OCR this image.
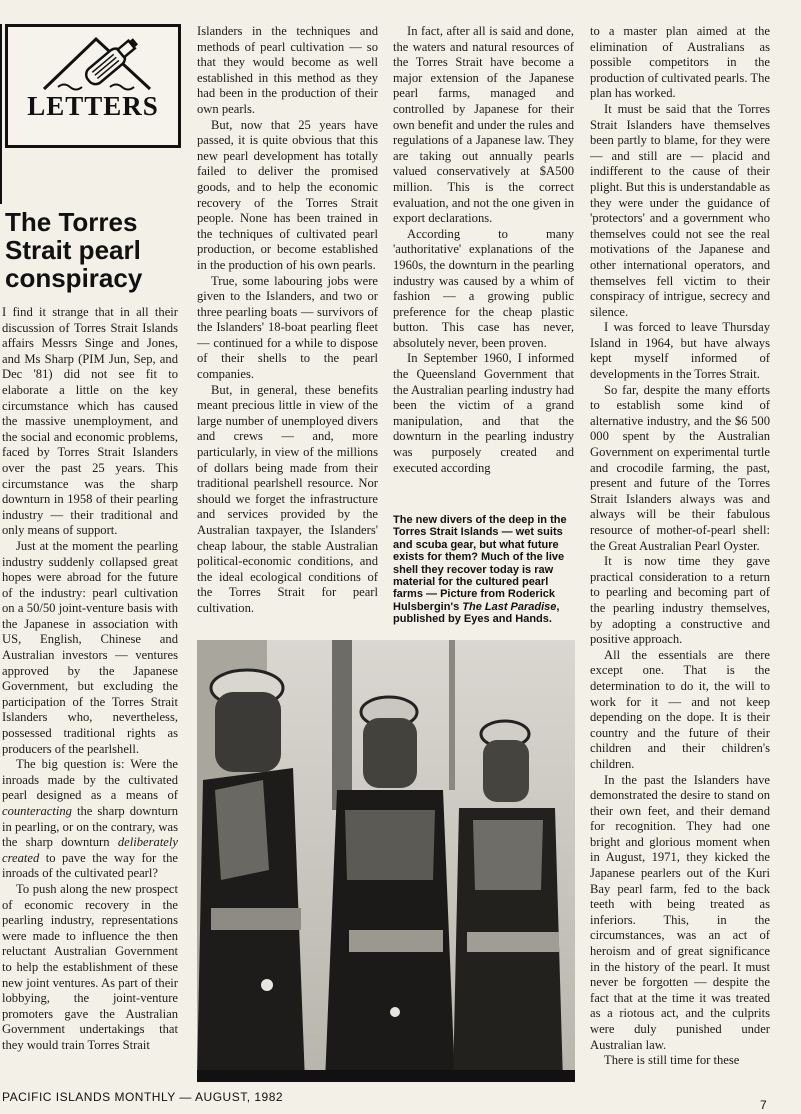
LETTERS
The Torres
Strait pearl
conspiracy

I find it strange that in all their discussion of Torres Strait Islands affairs Messrs Singe and Jones, and Ms Sharp (PIM Jun, Sep, and Dec '81) did not see fit to elaborate a little on the key circumstance which has caused the massive unemployment, and the social and economic problems, faced by Torres Strait Islanders over the past 25 years. This circumstance was the sharp downturn in 1958 of their pearling industry — their traditional and only means of support.

Just at the moment the pearling industry suddenly collapsed great hopes were abroad for the future of the industry: pearl cultivation on a 50/50 joint-venture basis with the Japanese in association with US, English, Chinese and Australian investors — ventures approved by the Japanese Government, but excluding the participation of the Torres Strait Islanders who, nevertheless, possessed traditional rights as producers of the pearlshell.

The big question is: Were the inroads made by the cultivated pearl designed as a means of counteracting the sharp downturn in pearling, or on the contrary, was the sharp downturn deliberately created to pave the way for the inroads of the cultivated pearl?

To push along the new prospect of economic recovery in the pearling industry, representations were made to influence the then reluctant Australian Government to help the establishment of these new joint ventures. As part of their lobbying, the joint-venture promoters gave the Australian Government undertakings that they would train Torres Strait

Islanders in the techniques and methods of pearl cultivation — so that they would become as well established in this method as they had been in the production of their own pearls.

But, now that 25 years have passed, it is quite obvious that this new pearl development has totally failed to deliver the promised goods, and to help the economic recovery of the Torres Strait people. None has been trained in the techniques of cultivated pearl production, or become established in the production of his own pearls.

True, some labouring jobs were given to the Islanders, and two or three pearling boats — survivors of the Islanders' 18-boat pearling fleet — continued for a while to dispose of their shells to the pearl companies.

But, in general, these benefits meant precious little in view of the large number of unemployed divers and crews — and, more particularly, in view of the millions of dollars being made from their traditional pearlshell resource. Nor should we forget the infrastructure and services provided by the Australian taxpayer, the Islanders' cheap labour, the stable Australian political-economic conditions, and the ideal ecological conditions of the Torres Strait for pearl cultivation.

In fact, after all is said and done, the waters and natural resources of the Torres Strait have become a major extension of the Japanese pearl farms, managed and controlled by Japanese for their own benefit and under the rules and regulations of a Japanese law. They are taking out annually pearls valued conservatively at $A500 million. This is the correct evaluation, and not the one given in export declarations.

According to many 'authoritative' explanations of the 1960s, the downturn in the pearling industry was caused by a whim of fashion — a growing public preference for the cheap plastic button. This case has never, absolutely never, been proven.

In September 1960, I informed the Queensland Government that the Australian pearling industry had been the victim of a grand manipulation, and that the downturn in the pearling industry was purposely created and executed according

The new divers of the deep in the Torres Strait Islands — wet suits and scuba gear, but what future exists for them? Much of the live shell they recover today is raw material for the cultured pearl farms — Picture from Roderick Hulsbergin's The Last Paradise, published by Eyes and Hands.

to a master plan aimed at the elimination of Australians as possible competitors in the production of cultivated pearls. The plan has worked.

It must be said that the Torres Strait Islanders have themselves been partly to blame, for they were — and still are — placid and indifferent to the cause of their plight. But this is understandable as they were under the guidance of 'protectors' and a government who themselves could not see the real motivations of the Japanese and other international operators, and themselves fell victim to their conspiracy of intrigue, secrecy and silence.

I was forced to leave Thursday Island in 1964, but have always kept myself informed of developments in the Torres Strait.

So far, despite the many efforts to establish some kind of alternative industry, and the $6 500 000 spent by the Australian Government on experimental turtle and crocodile farming, the past, present and future of the Torres Strait Islanders always was and always will be their fabulous resource of mother-of-pearl shell: the Great Australian Pearl Oyster.

It is now time they gave practical consideration to a return to pearling and becoming part of the pearling industry themselves, by adopting a constructive and positive approach.

All the essentials are there except one. That is the determination to do it, the will to work for it — and not keep depending on the dope. It is their country and the future of their children and their children's children.

In the past the Islanders have demonstrated the desire to stand on their own feet, and their demand for recognition. They had one bright and glorious moment when in August, 1971, they kicked the Japanese pearlers out of the Kuri Bay pearl farm, fed to the back teeth with being treated as inferiors. This, in the circumstances, was an act of heroism and of great significance in the history of the pearl. It must never be forgotten — despite the fact that at the time it was treated as a riotous act, and the culprits were duly punished under Australian law.

There is still time for these

PACIFIC ISLANDS MONTHLY — AUGUST, 1982
7
